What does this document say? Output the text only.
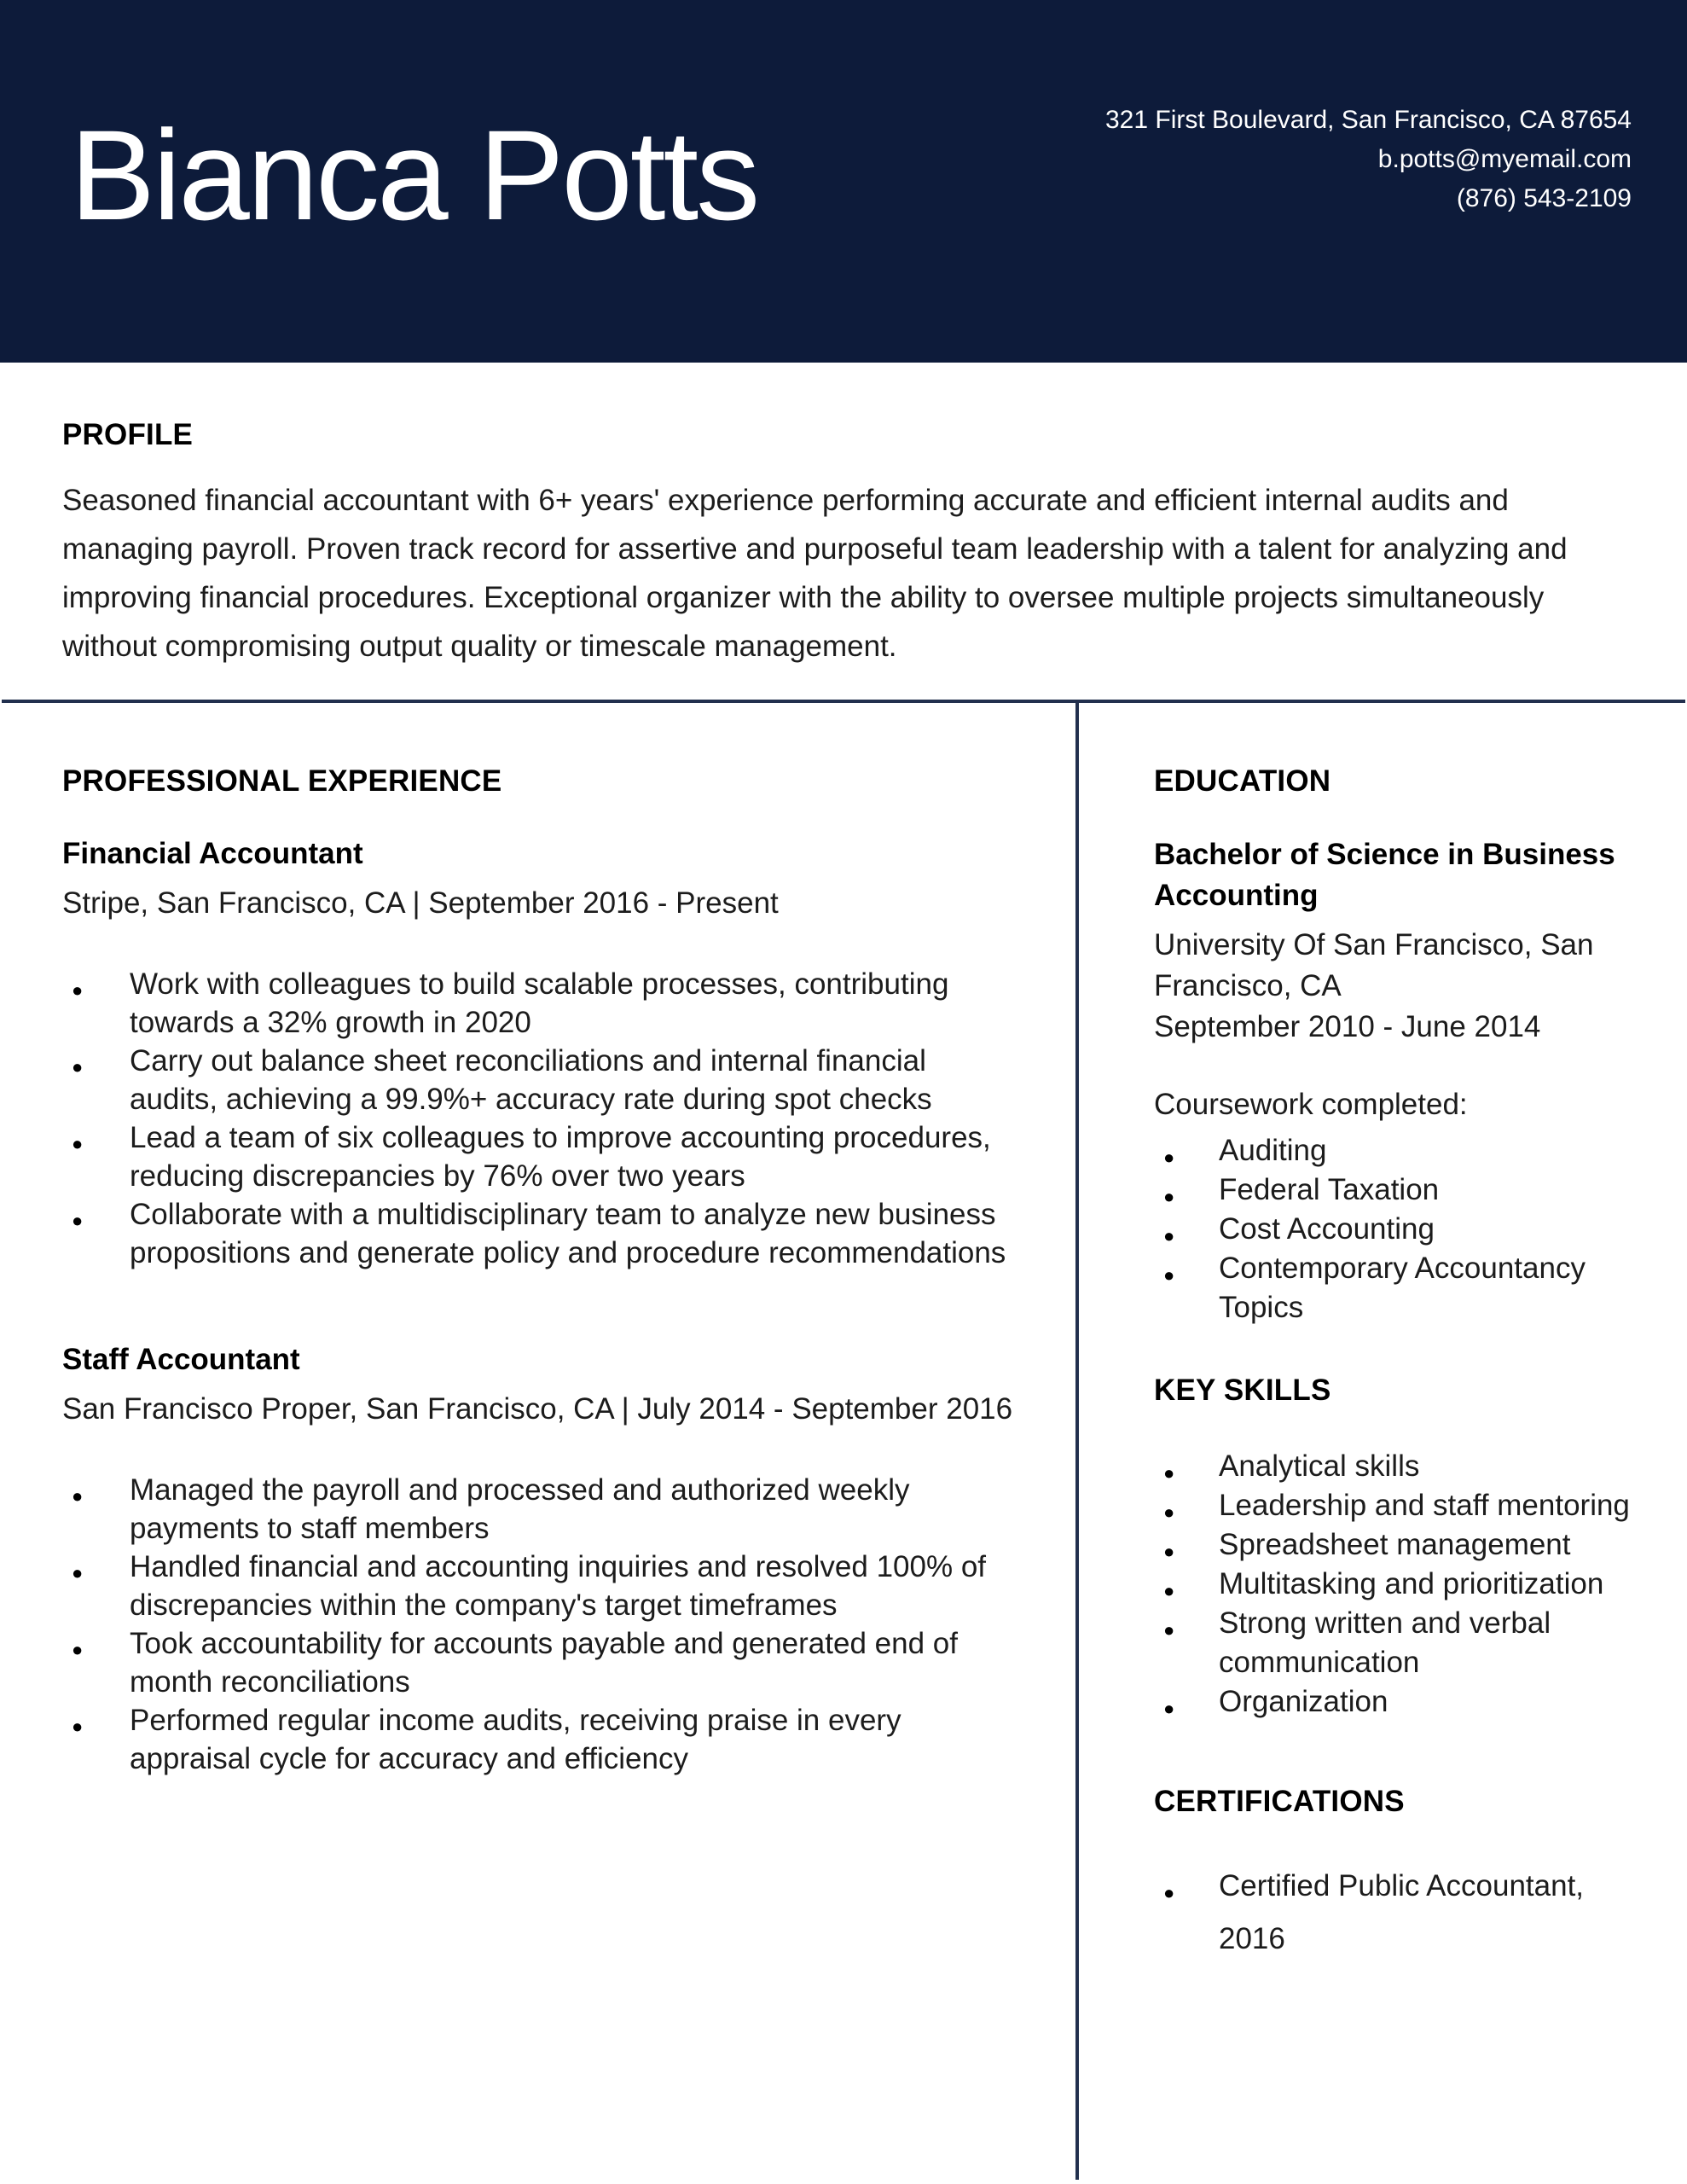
Bianca Potts	321 First Boulevard, San Francisco, CA 87654
b.potts@myemail.com
(876) 543-2109
PROFILE
Seasoned financial accountant with 6+ years' experience performing accurate and efficient internal audits and managing payroll. Proven track record for assertive and purposeful team leadership with a talent for analyzing and improving financial procedures. Exceptional organizer with the ability to oversee multiple projects simultaneously without compromising output quality or timescale management.
PROFESSIONAL EXPERIENCE
Financial Accountant
Stripe, San Francisco, CA | September 2016 - Present
● Work with colleagues to build scalable processes, contributing towards a 32% growth in 2020
● Carry out balance sheet reconciliations and internal financial audits, achieving a 99.9%+ accuracy rate during spot checks
● Lead a team of six colleagues to improve accounting procedures, reducing discrepancies by 76% over two years
● Collaborate with a multidisciplinary team to analyze new business propositions and generate policy and procedure recommendations
Staff Accountant
San Francisco Proper, San Francisco, CA | July 2014 - September 2016
● Managed the payroll and processed and authorized weekly payments to staff members
● Handled financial and accounting inquiries and resolved 100% of discrepancies within the company's target timeframes
● Took accountability for accounts payable and generated end of month reconciliations
● Performed regular income audits, receiving praise in every appraisal cycle for accuracy and efficiency
EDUCATION
Bachelor of Science in Business Accounting
University Of San Francisco, San Francisco, CA
September 2010 - June 2014
Coursework completed:
● Auditing
● Federal Taxation
● Cost Accounting
● Contemporary Accountancy Topics
KEY SKILLS
● Analytical skills
● Leadership and staff mentoring
● Spreadsheet management
● Multitasking and prioritization
● Strong written and verbal communication
● Organization
CERTIFICATIONS
● Certified Public Accountant, 2016
